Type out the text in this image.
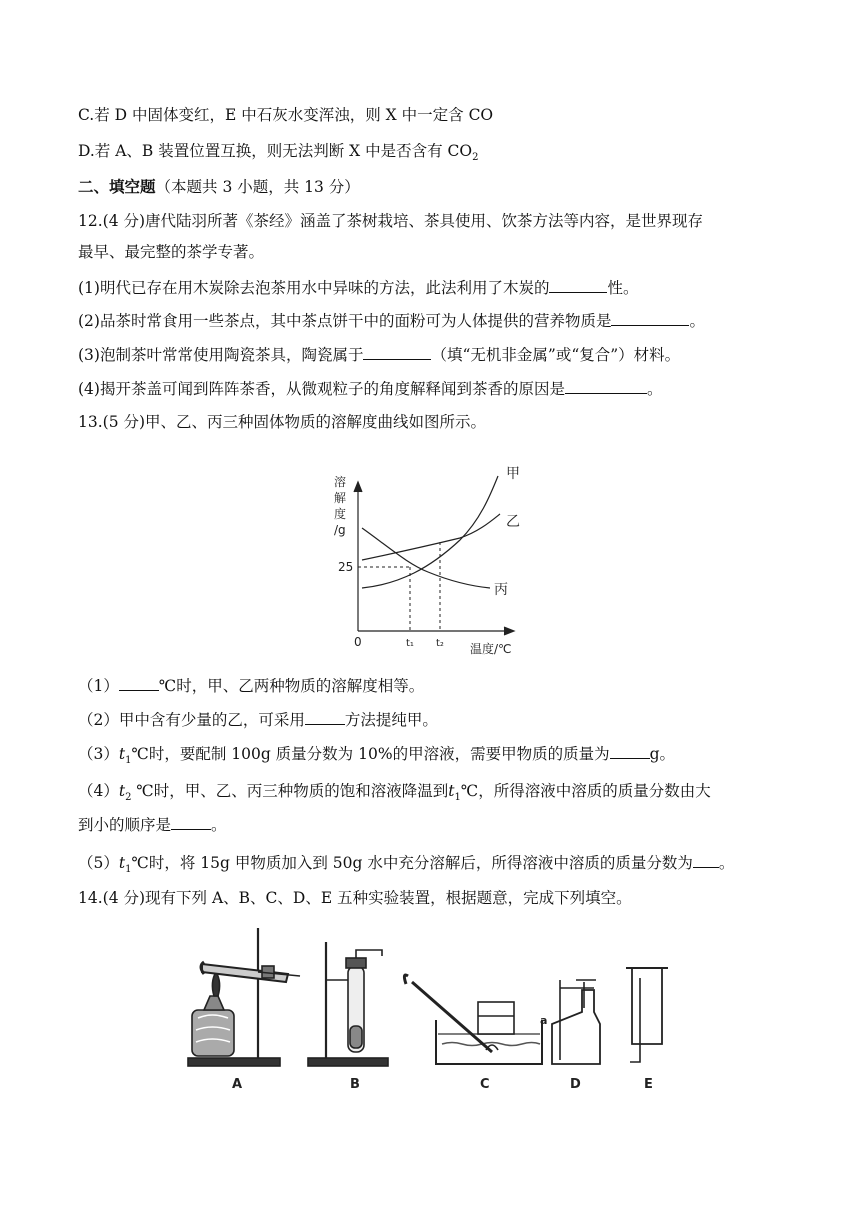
C.若 D 中固体变红，E 中石灰水变浑浊，则 X 中一定含 CO
D.若 A、B 装置位置互换，则无法判断 X 中是否含有 $CO_2$
二、填空题（本题共 3 小题，共 13 分）
12.(4 分)唐代陆羽所著《茶经》涵盖了茶树栽培、茶具使用、饮茶方法等内容，是世界现存
最早、最完整的茶学专著。
(1)明代已存在用木炭除去泡茶用水中异味的方法，此法利用了木炭的	性。
(2)品茶时常食用一些茶点，其中茶点饼干中的面粉可为人体提供的营养物质是	。
(3)泡制茶叶常常使用陶瓷茶具，陶瓷属于	（填“无机非金属”或“复合”）材料。
(4)揭开茶盖可闻到阵阵茶香，从微观粒子的角度解释闻到茶香的原因是	。
13.(5 分)甲、乙、丙三种固体物质的溶解度曲线如图所示。
溶
解
度
/g
25
0	t₁ t₂ 温度/℃
甲
乙
丙
（1）	℃时，甲、乙两种物质的溶解度相等。
（2）甲中含有少量的乙，可采用	方法提纯甲。
$(3)t_1℃$时，要配制 100g 质量分数为 10%的甲溶液，需要甲物质的质量为	g。
$(4)t_2$ ℃时，甲、乙、丙三种物质的饱和溶液降温到$t_1℃$，所得溶液中溶质的质量分数由大
到小的顺序是	。
$(5)t_1℃$时，将 15g 甲物质加入到 50g 水中充分溶解后，所得溶液中溶质的质量分数为 。
14.(4 分)现有下列 A、B、C、D、E 五种实验装置，根据题意，完成下列填空。
A	B	C	D	E
a
